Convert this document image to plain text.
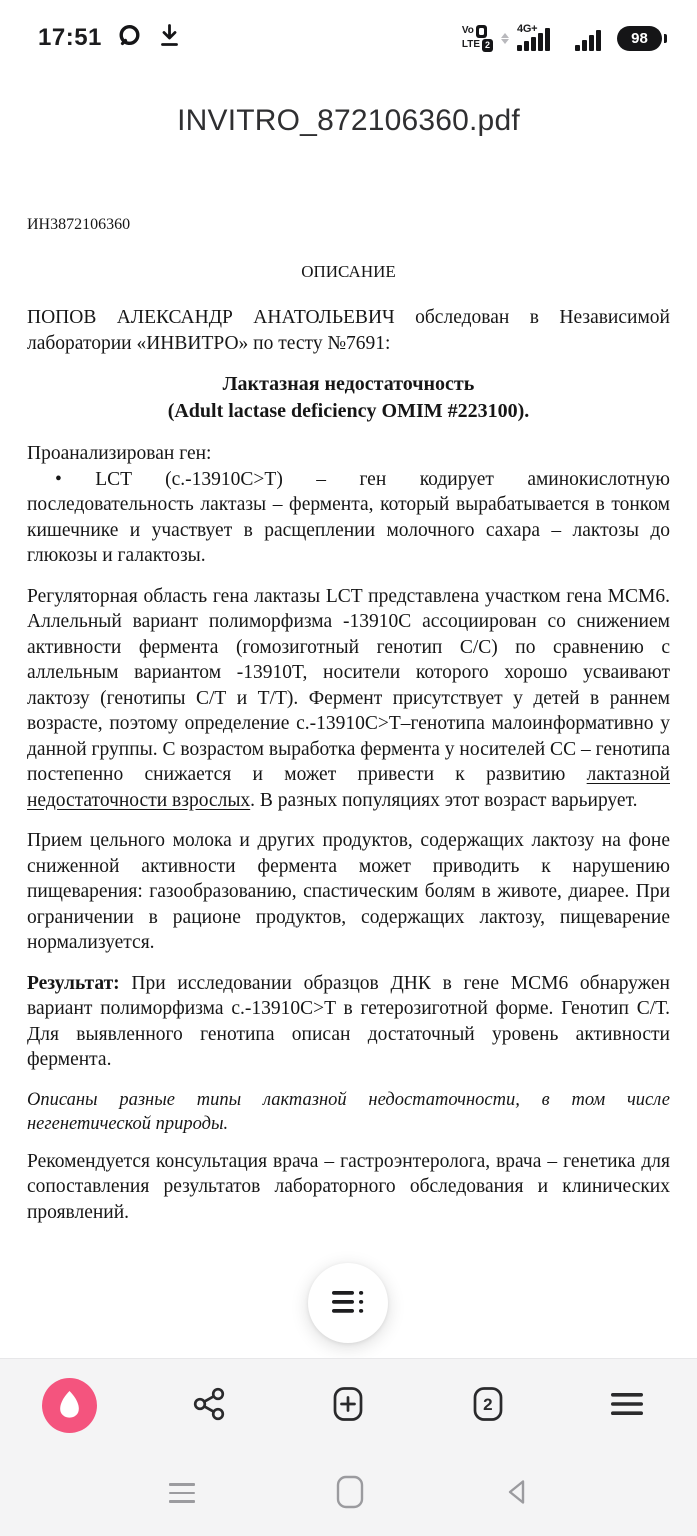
17:51	Vo
LTE 2
4G+
98
INVITRO_872106360.pdf

ИН3872106360

ОПИСАНИЕ

ПОПОВ АЛЕКСАНДР АНАТОЛЬЕВИЧ обследован в Независимой лаборатории «ИНВИТРО» по тесту №7691:

Лактазная недостаточность
(Adult lactase deficiency OMIM #223100).

Проанализирован ген:

• LCT (с.-13910C>T) – ген кодирует аминокислотную последовательность лактазы – фермента, который вырабатывается в тонком кишечнике и участвует в расщеплении молочного сахара – лактозы до глюкозы и галактозы.

Регуляторная область гена лактазы LCT представлена участком гена MCM6. Аллельный вариант полиморфизма -13910C ассоциирован со снижением активности фермента (гомозиготный генотип С/С) по сравнению с аллельным вариантом -13910T, носители которого хорошо усваивают лактозу (генотипы С/Т и Т/Т). Фермент присутствует у детей в раннем возрасте, поэтому определение с.-13910C>T–генотипа малоинформативно у данной группы. С возрастом выработка фермента у носителей СС – генотипа постепенно снижается и может привести к развитию лактазной недостаточности взрослых. В разных популяциях этот возраст варьирует.

Прием цельного молока и других продуктов, содержащих лактозу на фоне сниженной активности фермента может приводить к нарушению пищеварения: газообразованию, спастическим болям в животе, диарее. При ограничении в рационе продуктов, содержащих лактозу, пищеварение нормализуется.

Результат: При исследовании образцов ДНК в гене MCM6 обнаружен вариант полиморфизма с.-13910C>T в гетерозиготной форме. Генотип С/Т. Для выявленного генотипа описан достаточный уровень активности фермента.

Описаны разные типы лактазной недостаточности, в том числе негенетической природы.

Рекомендуется консультация врача – гастроэнтеролога, врача – генетика для сопоставления результатов лабораторного обследования и клинических проявлений.

2
